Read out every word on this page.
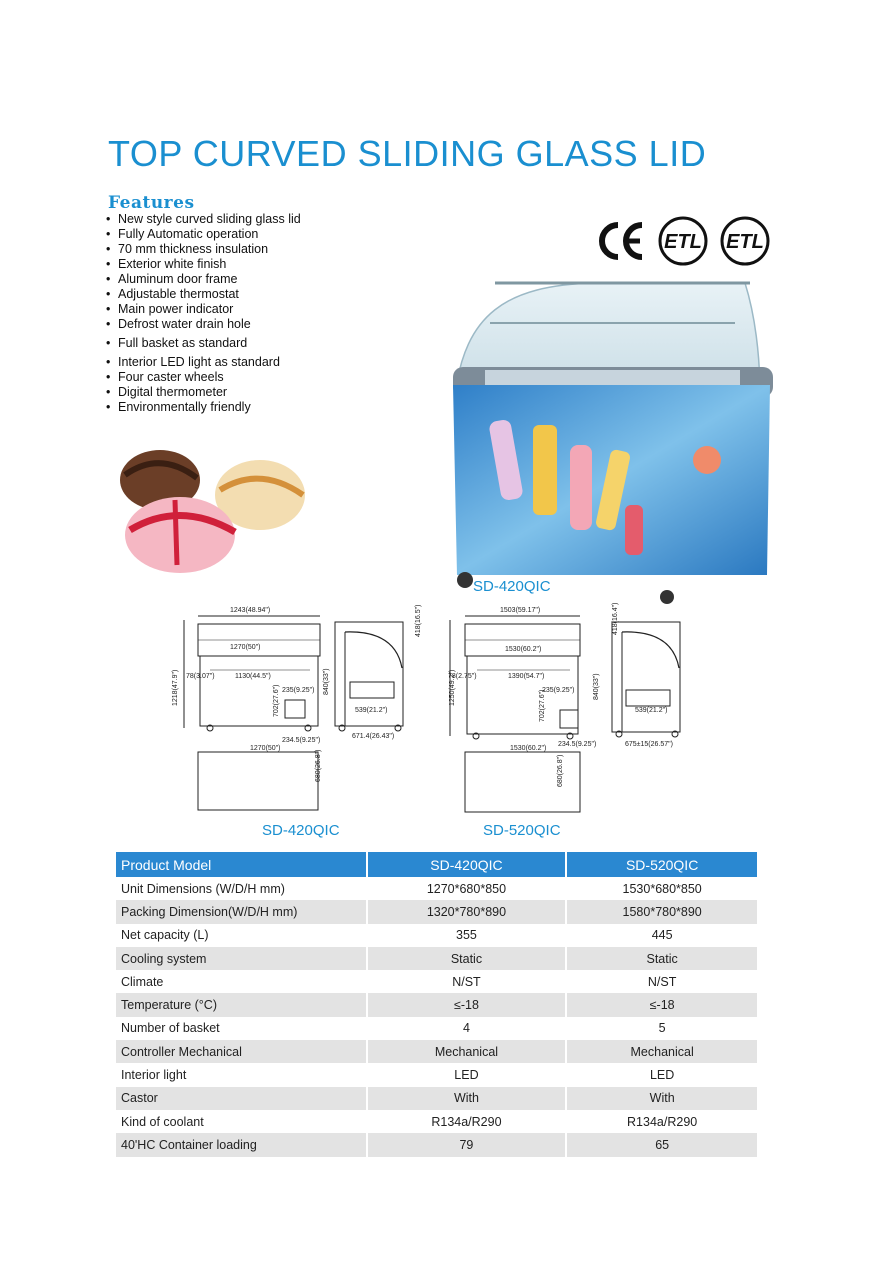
TOP CURVED SLIDING GLASS LID
Features
• New style curved sliding glass lid
• Fully Automatic operation
• 70 mm thickness insulation
• Exterior white finish
• Aluminum door frame
• Adjustable thermostat
• Main power indicator
• Defrost water drain hole
• Full basket as standard
• Interior LED light as standard
• Four caster wheels
• Digital thermometer
• Environmentally friendly
ETL ETL
SD-420QIC
1243(48.94")
1270(50")
1130(44.5")
1218(47.9") 78(3.07")
702(27.6") 235(9.25") 840(33")
234.5(9.25")
671.4(26.43")
539(21.2")
418(16.5")
1270(50")
680(26.8")
1503(59.17")
1530(60.2")
1390(54.7")
1250(49.2")
78(2.75")
702(27.6")
235(9.25")	840(33")
234.5(9.25")	675±15(26.57")
539(21.2")
418(16.4")
1530(60.2")
680(26.8")
SD-420QIC	SD-520QIC
Product Model	SD-420QIC	SD-520QIC
Unit Dimensions (W/D/H mm)	1270*680*850	1530*680*850
Packing Dimension(W/D/H mm)	1320*780*890	1580*780*890
Net capacity (L)	355	445
Cooling system	Static	Static
Climate	N/ST	N/ST
Temperature (°C)	≤-18	≤-18
Number of basket	4	5
Controller Mechanical	Mechanical	Mechanical
Interior light	LED	LED
Castor	With	With
Kind of coolant	R134a/R290	R134a/R290
40'HC Container loading	79	65
